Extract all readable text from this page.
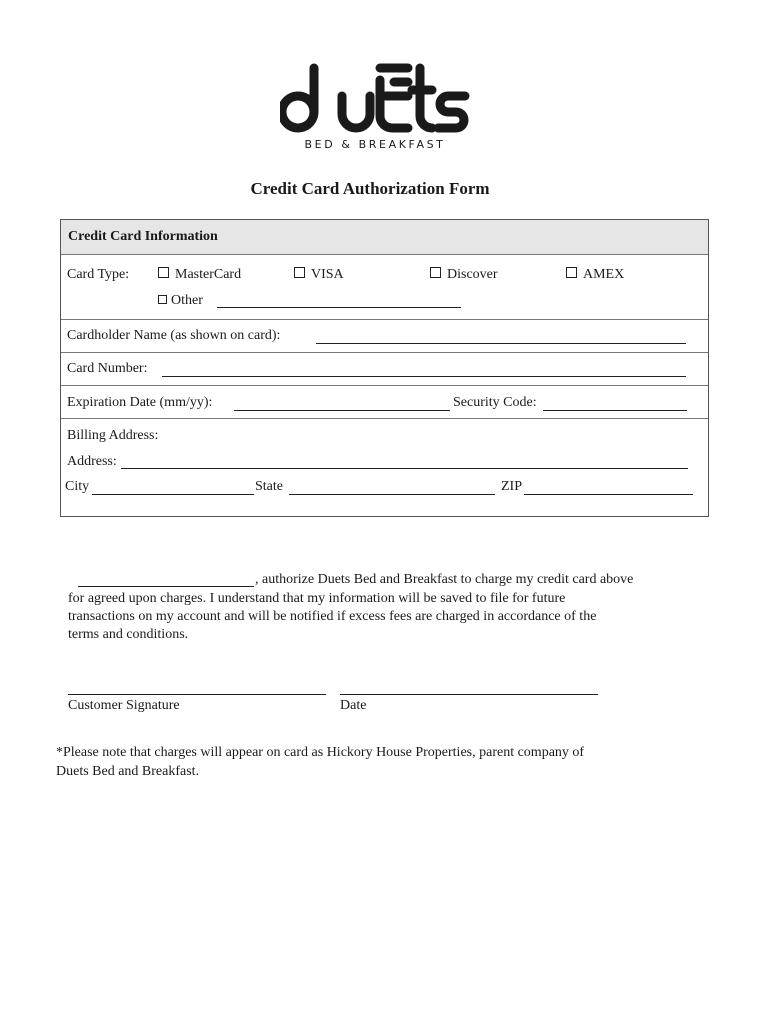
BED & BREAKFAST
Credit Card Authorization Form
Credit Card Information
Card Type:	MasterCard	VISA	Discover	AMEX
Other
Cardholder Name (as shown on card):
Card Number:
Expiration Date (mm/yy):	Security Code:
Billing Address:
Address:
City	State	ZIP
, authorize Duets Bed and Breakfast to charge my credit card above
for agreed upon charges. I understand that my information will be saved to file for future
transactions on my account and will be notified if excess fees are charged in accordance of the
terms and conditions.
Customer Signature	Date
*Please note that charges will appear on card as Hickory House Properties, parent company of
Duets Bed and Breakfast.
